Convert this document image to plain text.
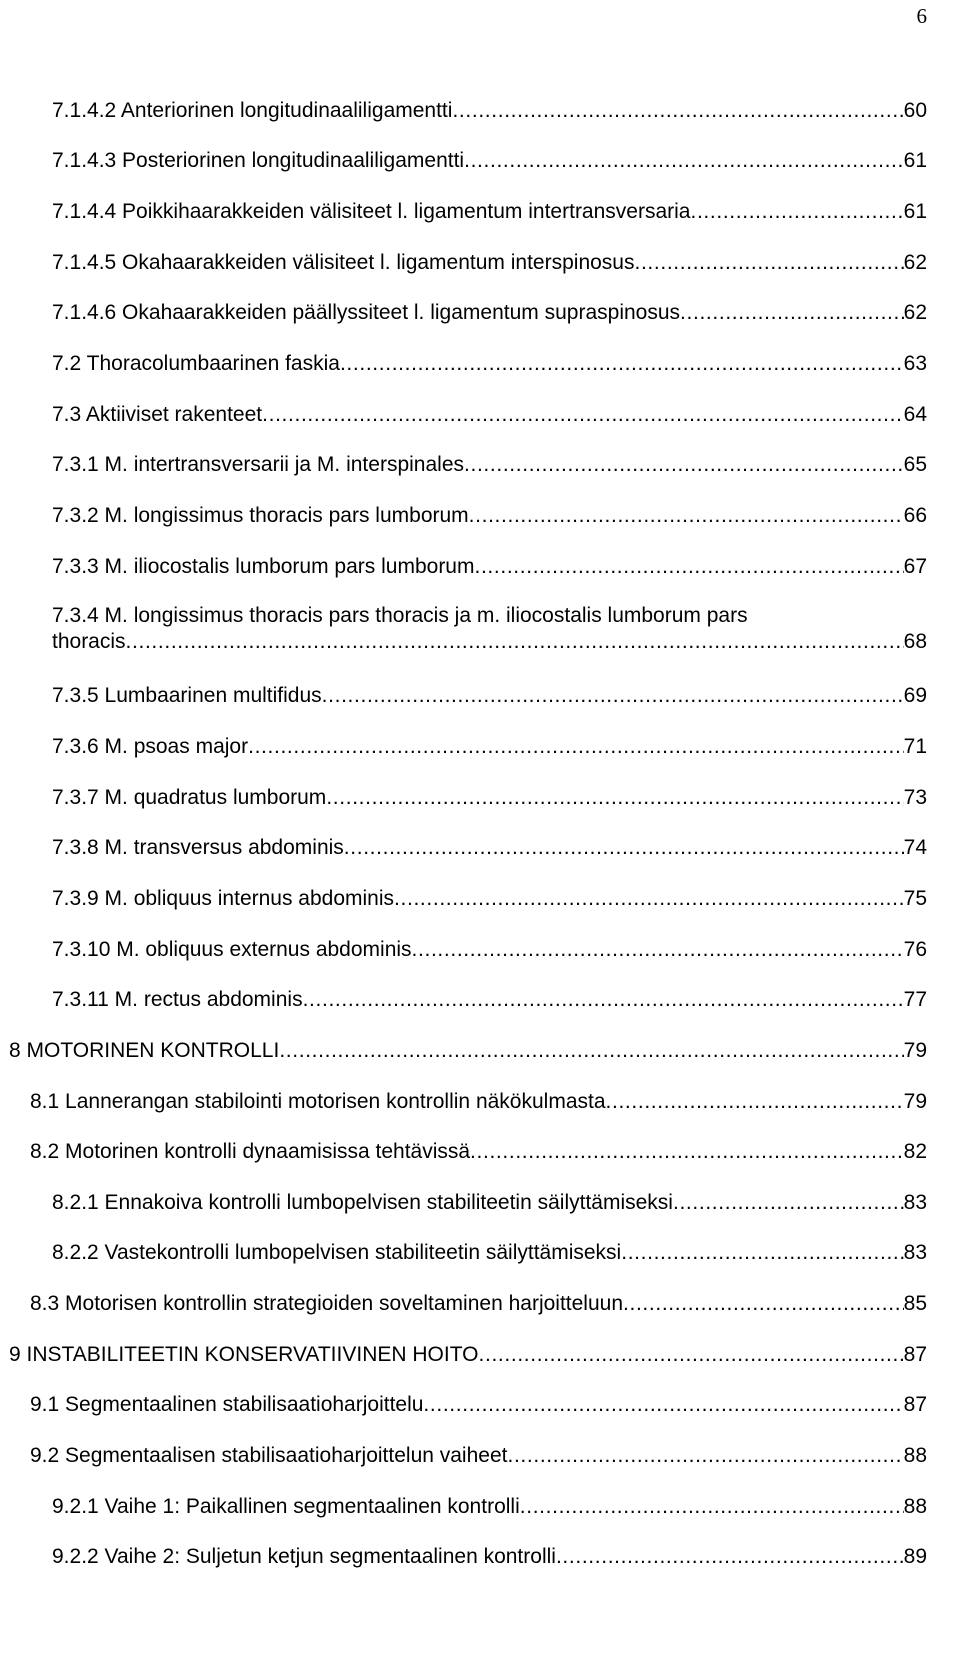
6
7.1.4.2 Anteriorinen longitudinaaliligamentti . . .	60
7.1.4.3 Posteriorinen longitudinaaliligamentti . . .	61
7.1.4.4 Poikkihaarakkeiden välisiteet l. ligamentum intertransversaria . . .	61
7.1.4.5 Okahaarakkeiden välisiteet l. ligamentum interspinosus . . .	62
7.1.4.6 Okahaarakkeiden päällyssiteet l. ligamentum supraspinosus . . .	62
7.2 Thoracolumbaarinen faskia . . .	63
7.3 Aktiiviset rakenteet . . .	64
7.3.1 M. intertransversarii ja M. interspinales . . .	65
7.3.2 M. longissimus thoracis pars lumborum . . .	66
7.3.3 M. iliocostalis lumborum pars lumborum . . .	67
7.3.4 M. longissimus thoracis pars thoracis ja m. iliocostalis lumborum pars
thoracis . . .	68
7.3.5 Lumbaarinen multifidus . . .	69
7.3.6 M. psoas major . . .	71
7.3.7 M. quadratus lumborum . . .	73
7.3.8 M. transversus abdominis . . .	74
7.3.9 M. obliquus internus abdominis . . .	75
7.3.10 M. obliquus externus abdominis . . .	76
7.3.11 M. rectus abdominis . . .	77
8 MOTORINEN KONTROLLI . . .	79
8.1 Lannerangan stabilointi motorisen kontrollin näkökulmasta . . .	79
8.2 Motorinen kontrolli dynaamisissa tehtävissä . . .	82
8.2.1 Ennakoiva kontrolli lumbopelvisen stabiliteetin säilyttämiseksi . . .	83
8.2.2 Vastekontrolli lumbopelvisen stabiliteetin säilyttämiseksi . . .	83
8.3 Motorisen kontrollin strategioiden soveltaminen harjoitteluun . . .	85
9 INSTABILITEETIN KONSERVATIIVINEN HOITO . . .	87
9.1 Segmentaalinen stabilisaatioharjoittelu . . .	87
9.2 Segmentaalisen stabilisaatioharjoittelun vaiheet . . .	88
9.2.1 Vaihe 1: Paikallinen segmentaalinen kontrolli . . .	88
9.2.2 Vaihe 2: Suljetun ketjun segmentaalinen kontrolli . . .	89
